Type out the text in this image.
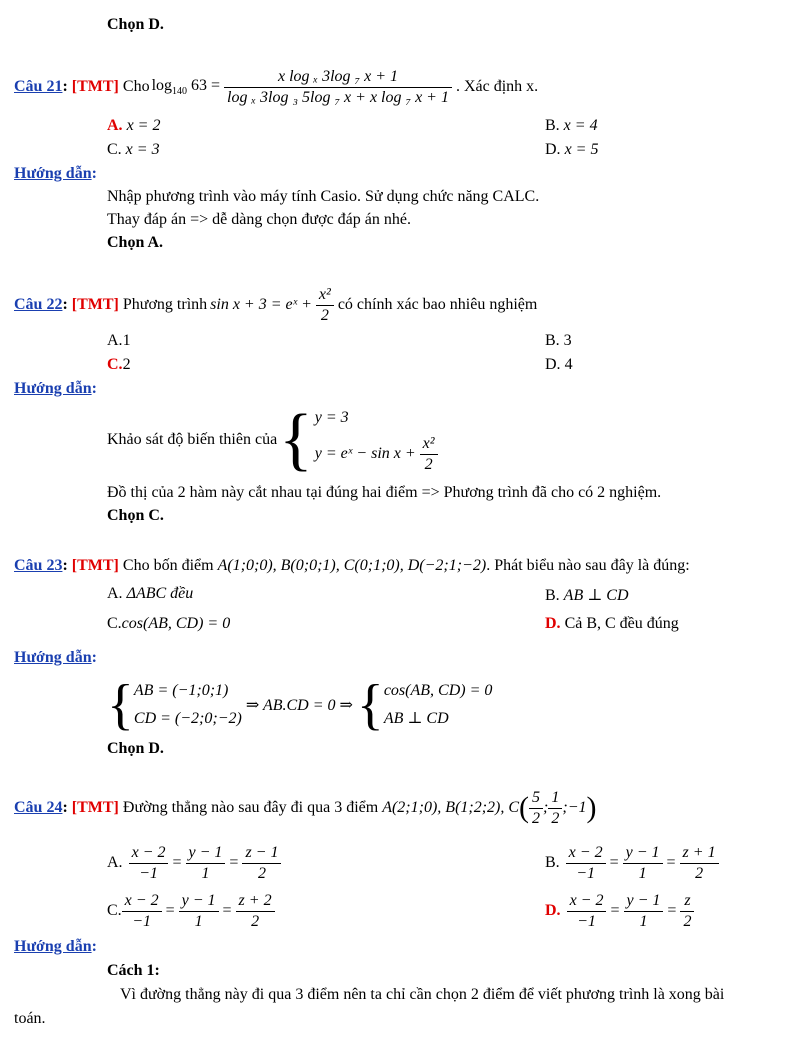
Chọn D.
Câu 21 : [TMT]
Cho $\log_{140} 63$ =
$\frac{\text{x log ₓ 3log ₇ x + 1}}{\text{log ₓ 3log ₃ 5log ₇ x + x log ₇ x + 1}}$ . Xác định x.
A. x = 2	B. x = 4
C. x = 3	D. x = 5
Hướng dẫn:
Nhập phương trình vào máy tính Casio. Sử dụng chức năng CALC.
Thay đáp án => dễ dàng chọn được đáp án nhé.
Chọn A.
Câu 22 : [TMT]
Phương trình sin x + 3 = eˣ +
$\frac{\text{x²}}{2}$ có chính xác bao nhiêu nghiệm
A.1	B. 3
C.2	D. 4
Hướng dẫn:
Khảo sát độ biến thiên của { y = 3
y = eˣ − $\sin x + \frac{\text{x²}}{2}$
Đồ thị của 2 hàm này cắt nhau tại đúng hai điểm => Phương trình đã cho có 2 nghiệm.
Chọn C.
Câu 23 : [TMT]
Cho bốn điểm
A(1;0;0), B(0;0;1), C(0;1;0), D(−2;1;−2) . Phát biểu nào sau đây là đúng:
A. ΔABC đều	B. AB ⊥ CD
C.cos(AB, CD) = 0	D. Cả B, C đều đúng
Hướng dẫn:
{ AB = (−1;0;1)
CD = (−2;0;−2)
⇒ AB.CD = 0 ⇒ { cos(AB, CD) = 0
AB ⊥ CD
Chọn D.
Câu 24 : [TMT]
Đường thẳng nào sau đây đi qua 3 điểm
A(2;1;0), B(1;2;2), C ( $\frac{5}{2}$ ; $\frac{1}{2}$ ;−1 )
A. $\frac{x - 2}{-1} = \frac{y - 1}{1} = \frac{z - 1}{2}$	B. $\frac{x - 2}{-1} = \frac{y - 1}{1} = \frac{z + 1}{2}$
C. $\frac{x - 2}{-1} = \frac{y - 1}{1} = \frac{z + 2}{2}$	D. $\frac{x - 2}{-1} = \frac{y - 1}{1} = \frac{z}{2}$
Hướng dẫn:
Cách 1:
Vì đường thẳng này đi qua 3 điểm nên ta chỉ cần chọn 2 điểm để viết phương trình là xong bài
toán.
